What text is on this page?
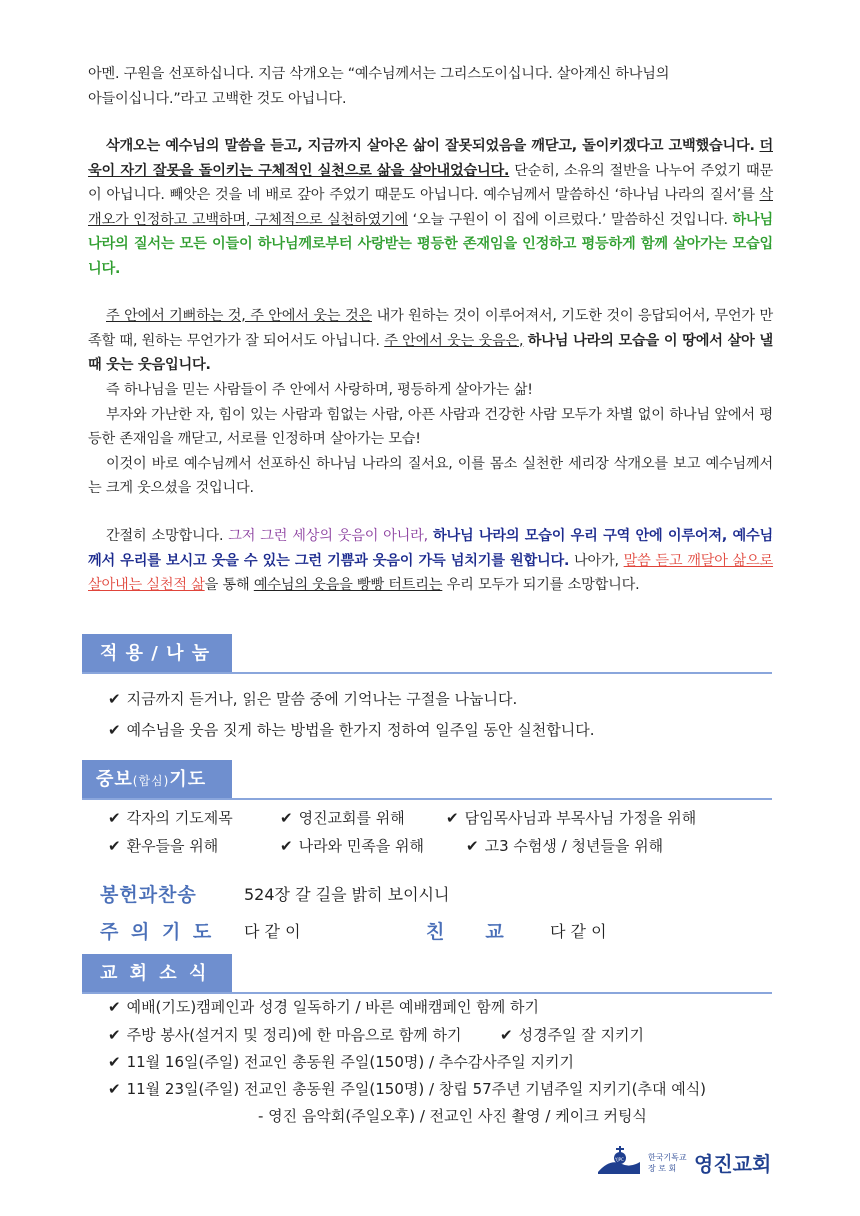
아멘. 구원을 선포하십니다. 지금 삭개오는 “예수님께서는 그리스도이십니다. 살아계신 하나님의
아들이십니다.”라고 고백한 것도 아닙니다.
삭개오는 예수님의 말씀을 듣고, 지금까지 살아온 삶이 잘못되었음을 깨닫고, 돌이키겠다고 고백했습니다. 더욱이 자기 잘못을 돌이키는 구체적인 실천으로 삶을 살아내었습니다. 단순히, 소유의 절반을 나누어 주었기 때문이 아닙니다. 빼앗은 것을 네 배로 갚아 주었기 때문도 아닙니다. 예수님께서 말씀하신 ‘하나님 나라의 질서’를 삭개오가 인정하고 고백하며, 구체적으로 실천하였기에 ‘오늘 구원이 이 집에 이르렀다.’ 말씀하신 것입니다. 하나님 나라의 질서는 모든 이들이 하나님께로부터 사랑받는 평등한 존재임을 인정하고 평등하게 함께 살아가는 모습입니다.
주 안에서 기뻐하는 것, 주 안에서 웃는 것은 내가 원하는 것이 이루어져서, 기도한 것이 응답되어서, 무언가 만족할 때, 원하는 무언가가 잘 되어서도 아닙니다. 주 안에서 웃는 웃음은, 하나님 나라의 모습을 이 땅에서 살아 낼 때 웃는 웃음입니다.
즉 하나님을 믿는 사람들이 주 안에서 사랑하며, 평등하게 살아가는 삶!
부자와 가난한 자, 힘이 있는 사람과 힘없는 사람, 아픈 사람과 건강한 사람 모두가 차별 없이 하나님 앞에서 평등한 존재임을 깨닫고, 서로를 인정하며 살아가는 모습!
이것이 바로 예수님께서 선포하신 하나님 나라의 질서요, 이를 몸소 실천한 세리장 삭개오를 보고 예수님께서는 크게 웃으셨을 것입니다.
간절히 소망합니다. 그저 그런 세상의 웃음이 아니라, 하나님 나라의 모습이 우리 구역 안에 이루어져, 예수님께서 우리를 보시고 웃을 수 있는 그런 기쁨과 웃음이 가득 넘치기를 원합니다. 나아가, 말씀 듣고 깨달아 삶으로 살아내는 실천적 삶을 통해 예수님의 웃음을 빵빵 터트리는 우리 모두가 되기를 소망합니다.
적 용 / 나 눔
✔ 지금까지 듣거나, 읽은 말씀 중에 기억나는 구절을 나눕니다.
✔ 예수님을 웃음 짓게 하는 방법을 한가지 정하여 일주일 동안 실천합니다.
중보(합심)기도
✔ 각자의 기도제목	✔ 영진교회를 위해	✔ 담임목사님과 부목사님 가정을 위해
✔ 환우들을 위해	✔ 나라와 민족을 위해	✔ 고3 수험생 / 청년들을 위해
봉헌과찬송	524장 갈 길을 밝히 보이시니
주 의 기 도 다 같 이	친　　교	다 같 이
교 회 소 식
✔ 예배(기도)캠페인과 성경 일독하기 / 바른 예배캠페인 함께 하기
✔ 주방 봉사(설거지 및 정리)에 한 마음으로 함께 하기	✔ 성경주일 잘 지키기
✔ 11월 16일(주일) 전교인 총동원 주일(150명) / 추수감사주일 지키기
✔ 11월 23일(주일) 전교인 총동원 주일(150명) / 창립 57주년 기념주일 지키기(추대 예식)
- 영진 음악회(주일오후) / 전교인 사진 촬영 / 케이크 커팅식
YJPC	한국기독교
장 로 회 영진교회
